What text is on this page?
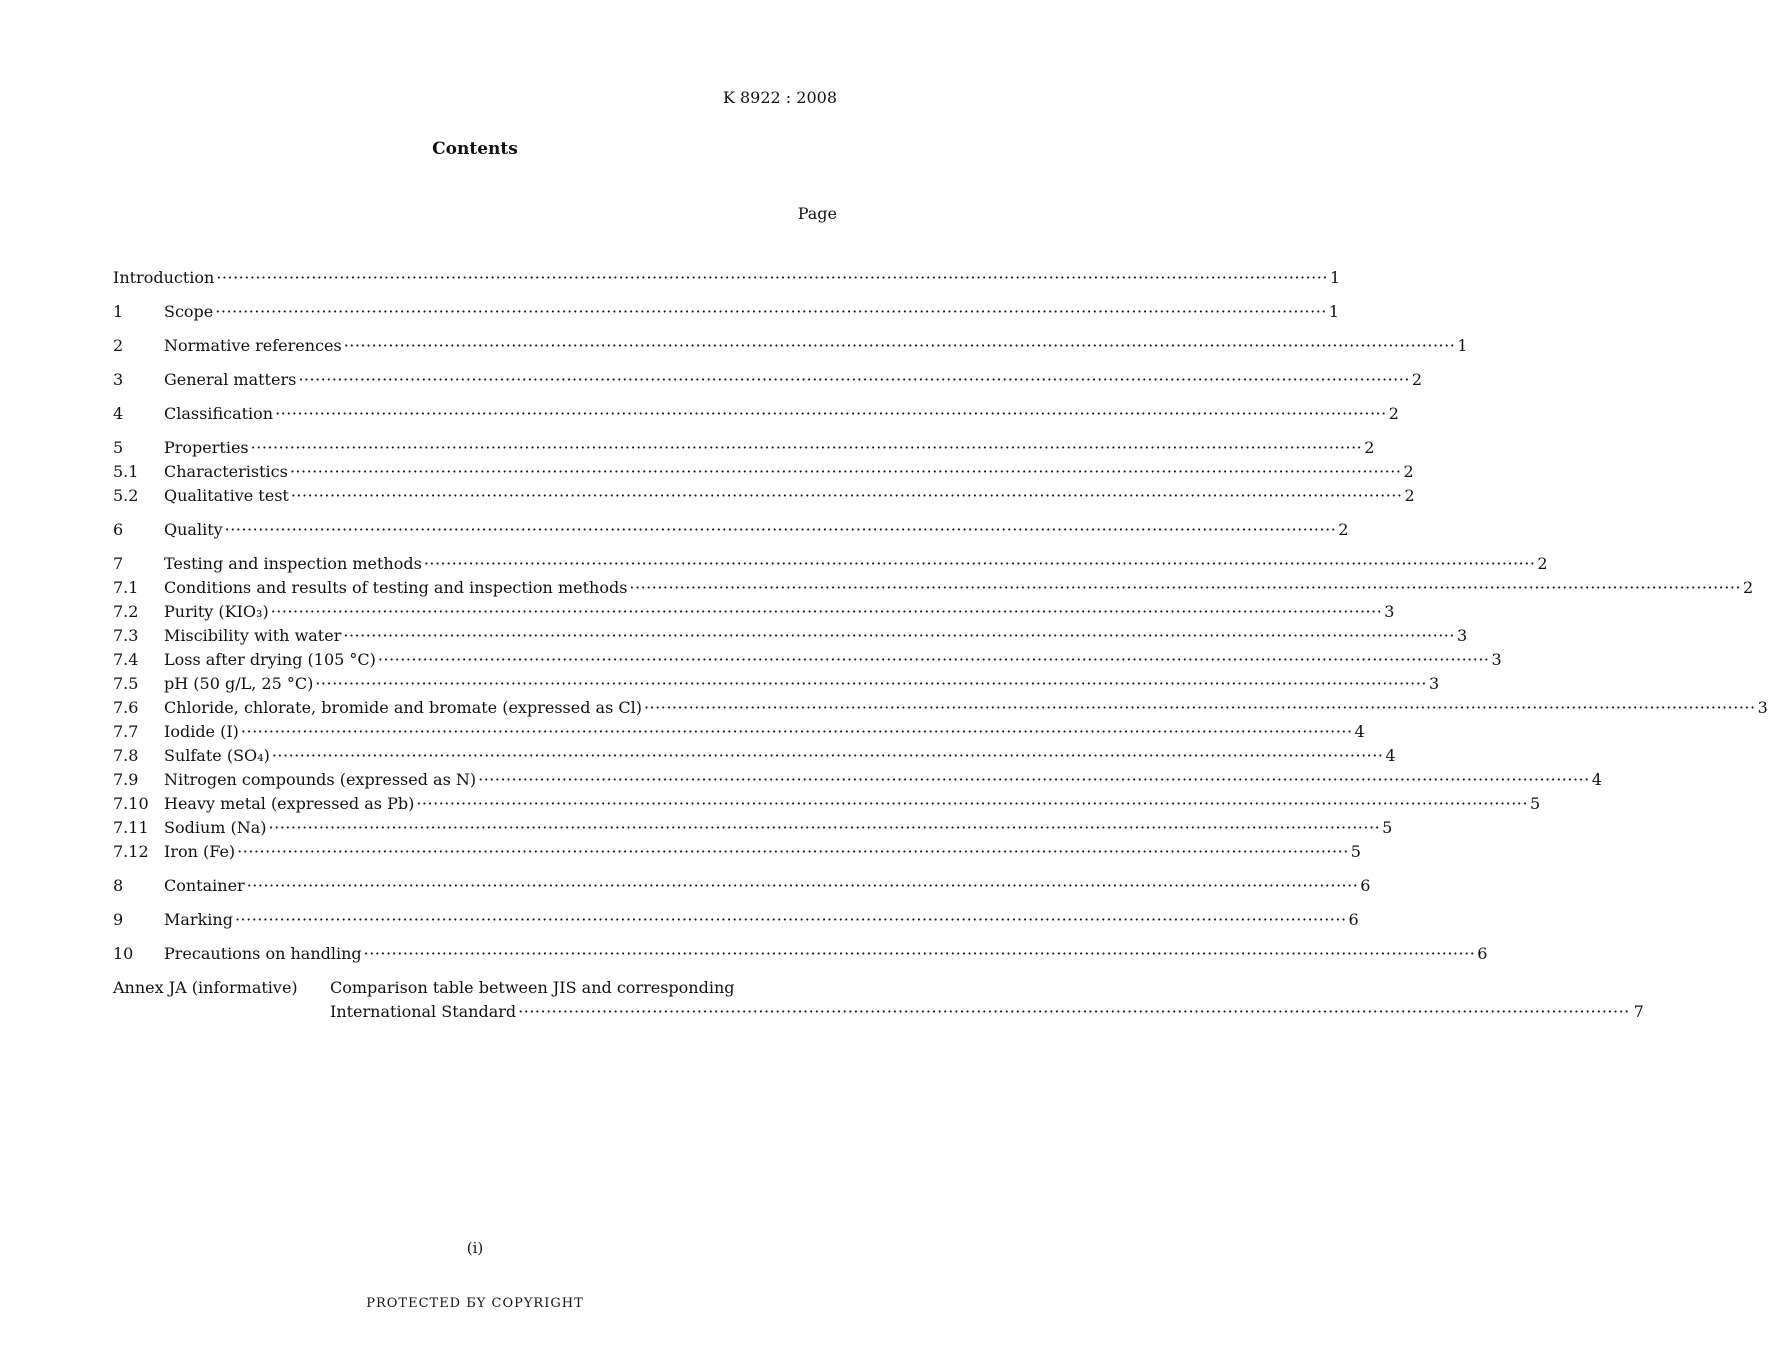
K 8922 : 2008
Contents
Page
Introduction ·····	1
1	Scope ·····	1
2	Normative references ·····	1
3	General matters ·····	2
4	Classification ·····	2
5	Properties ·····	2
5.1	Characteristics ·····	2
5.2	Qualitative test ·····	2
6	Quality ·····	2
7	Testing and inspection methods ·····	2
7.1	Conditions and results of testing and inspection methods ·····	2
7.2	Purity (KIO₃) ·····	3
7.3	Miscibility with water ·····	3
7.4	Loss after drying (105 °C) ·····	3
7.5	pH (50 g/L, 25 °C) ·····	3
7.6	Chloride, chlorate, bromide and bromate (expressed as Cl) ·····	3
7.7	Iodide (I) ·····	4
7.8	Sulfate (SO₄) ·····	4
7.9	Nitrogen compounds (expressed as N) ·····	4
7.10 Heavy metal (expressed as Pb) ·····	5
7.11 Sodium (Na) ·····	5
7.12 Iron (Fe) ·····	5
8	Container ·····	6
9	Marking ·····	6
10	Precautions on handling ·····	6
Annex JA (informative)	Comparison table between JIS and corresponding
International Standard ·····	7
(i)
PROTECTED БY COPYRIGHT
